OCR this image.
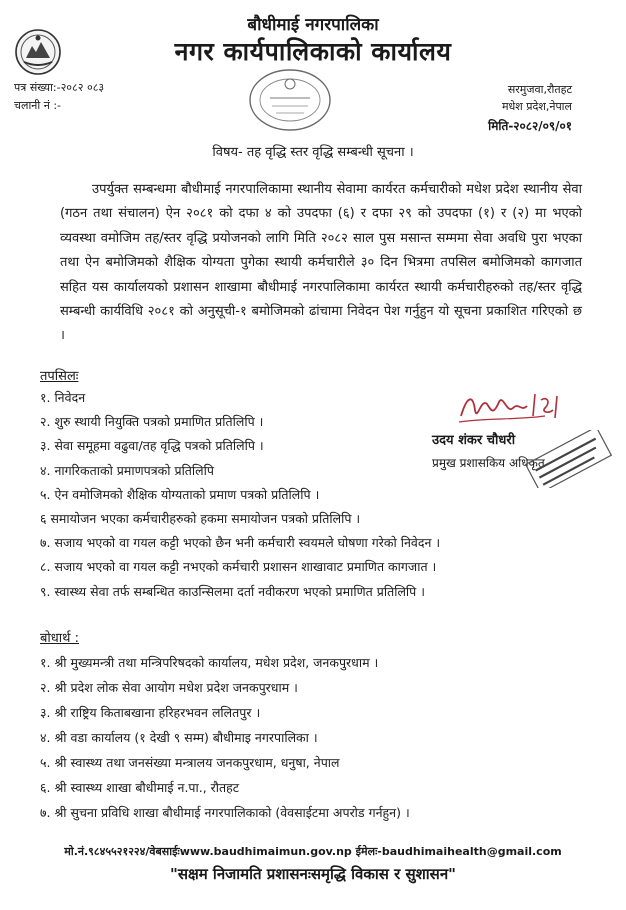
बौधीमाई नगरपालिका
नगर कार्यपालिकाको कार्यालय
पत्र संख्या:-२०८२ ०८३
चलानी नं :-
सरमुजवा,रौतहट
मधेश प्रदेश,नेपाल
मिति-२०८२/०९/०१
विषय- तह वृद्धि स्तर वृद्धि सम्बन्धी सूचना ।
उपर्युक्त सम्बन्धमा बौधीमाई नगरपालिकामा स्थानीय सेवामा कार्यरत कर्मचारीको मधेश प्रदेश स्थानीय सेवा (गठन तथा संचालन) ऐन २०८१ को दफा ४ को उपदफा (६) र दफा २९ को उपदफा (१) र (२) मा भएको व्यवस्था वमोजिम तह/स्तर वृद्धि प्रयोजनको लागि मिति २०८२ साल पुस मसान्त सम्ममा सेवा अवधि पुरा भएका तथा ऐन बमोजिमको शैक्षिक योग्यता पुगेका स्थायी कर्मचारीले ३० दिन भित्रमा तपसिल बमोजिमको कागजात सहित यस कार्यालयको प्रशासन शाखामा बौधीमाई नगरपालिकामा कार्यरत स्थायी कर्मचारीहरुको तह/स्तर वृद्धि सम्बन्धी कार्यविधि २०८१ को अनुसूची-१ बमोजिमको ढांचामा निवेदन पेश गर्नुहुन यो सूचना प्रकाशित गरिएको छ ।
तपसिलः
१. निवेदन
२. शुरु स्थायी नियुक्ति पत्रको प्रमाणित प्रतिलिपि ।
३. सेवा समूहमा वढुवा/तह वृद्धि पत्रको प्रतिलिपि ।
४. नागरिकताको प्रमाणपत्रको प्रतिलिपि
५. ऐन वमोजिमको शैक्षिक योग्यताको प्रमाण पत्रको प्रतिलिपि ।
६ समायोजन भएका कर्मचारीहरुको हकमा समायोजन पत्रको प्रतिलिपि ।
७. सजाय भएको वा गयल कट्टी भएको छैन भनी कर्मचारी स्वयमले घोषणा गरेको निवेदन ।
८. सजाय भएको वा गयल कट्टी नभएको कर्मचारी प्रशासन शाखावाट प्रमाणित कागजात ।
९. स्वास्थ्य सेवा तर्फ सम्बन्धित काउन्सिलमा दर्ता नवीकरण भएको प्रमाणित प्रतिलिपि ।
उदय शंकर चौधरी
प्रमुख प्रशासकिय अधिकृत
बोधार्थ :
१. श्री मुख्यमन्त्री तथा मन्त्रिपरिषदको कार्यालय, मधेश प्रदेश, जनकपुरधाम ।
२. श्री प्रदेश लोक सेवा आयोग मधेश प्रदेश जनकपुरधाम ।
३. श्री राष्ट्रिय किताबखाना हरिहरभवन ललितपुर ।
४. श्री वडा कार्यालय (१ देखी ९ सम्म) बौधीमाइ नगरपालिका ।
५. श्री स्वास्थ्य तथा जनसंख्या मन्त्रालय जनकपुरधाम, धनुषा, नेपाल
६. श्री स्वास्थ्य शाखा बौधीमाई न.पा., रौतहट
७. श्री सुचना प्रविधि शाखा बौधीमाई नगरपालिकाको (वेवसाईटमा अपरोड गर्नहुन) ।
मो.नं.९८४५५२१२२४/वेबसाईःwww.baudhimaimun.gov.np ईमेलः-baudhimaihealth@gmail.com
"सक्षम निजामति प्रशासनःसमृद्धि विकास र सुशासन"
